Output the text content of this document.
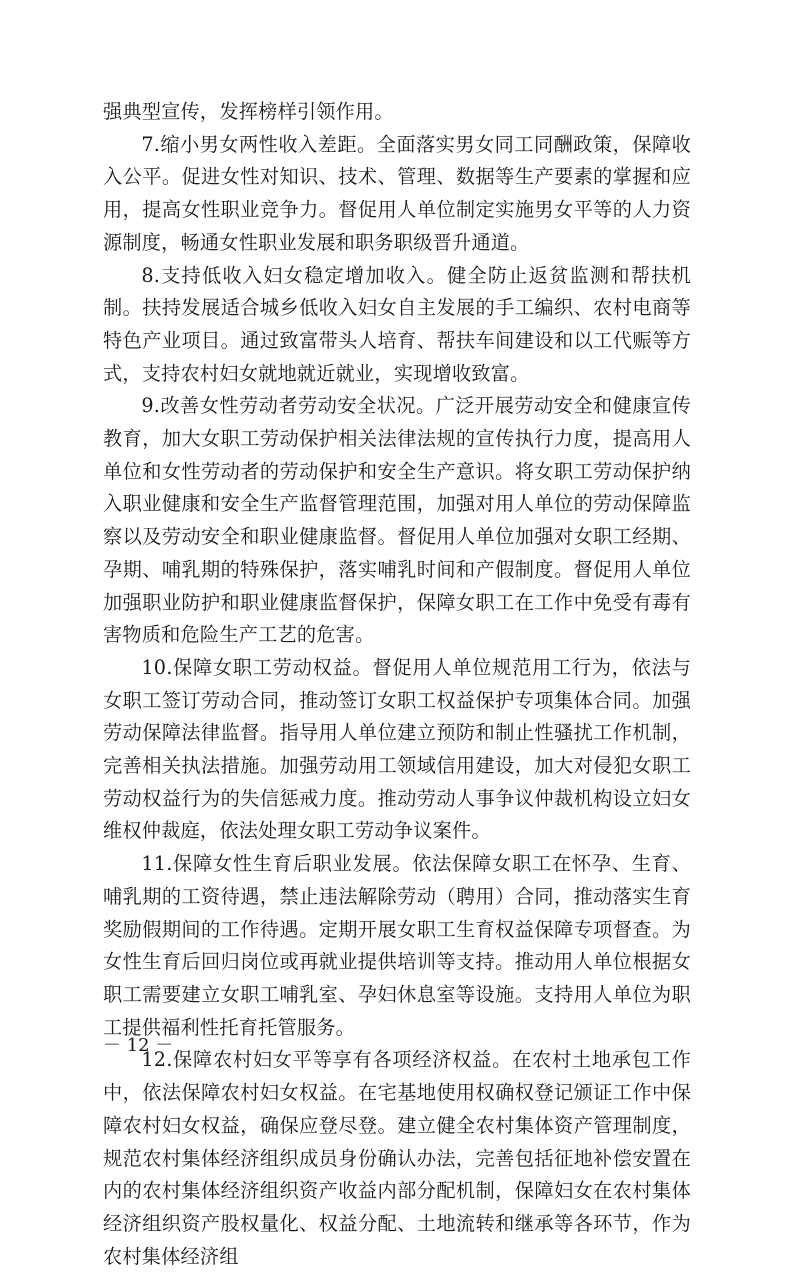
强典型宣传，发挥榜样引领作用。

7.缩小男女两性收入差距。全面落实男女同工同酬政策，保障收入公平。促进女性对知识、技术、管理、数据等生产要素的掌握和应用，提高女性职业竞争力。督促用人单位制定实施男女平等的人力资源制度，畅通女性职业发展和职务职级晋升通道。

8.支持低收入妇女稳定增加收入。健全防止返贫监测和帮扶机制。扶持发展适合城乡低收入妇女自主发展的手工编织、农村电商等特色产业项目。通过致富带头人培育、帮扶车间建设和以工代赈等方式，支持农村妇女就地就近就业，实现增收致富。

9.改善女性劳动者劳动安全状况。广泛开展劳动安全和健康宣传教育，加大女职工劳动保护相关法律法规的宣传执行力度，提高用人单位和女性劳动者的劳动保护和安全生产意识。将女职工劳动保护纳入职业健康和安全生产监督管理范围，加强对用人单位的劳动保障监察以及劳动安全和职业健康监督。督促用人单位加强对女职工经期、孕期、哺乳期的特殊保护，落实哺乳时间和产假制度。督促用人单位加强职业防护和职业健康监督保护，保障女职工在工作中免受有毒有害物质和危险生产工艺的危害。

10.保障女职工劳动权益。督促用人单位规范用工行为，依法与女职工签订劳动合同，推动签订女职工权益保护专项集体合同。加强劳动保障法律监督。指导用人单位建立预防和制止性骚扰工作机制，完善相关执法措施。加强劳动用工领域信用建设，加大对侵犯女职工劳动权益行为的失信惩戒力度。推动劳动人事争议仲裁机构设立妇女维权仲裁庭，依法处理女职工劳动争议案件。

11.保障女性生育后职业发展。依法保障女职工在怀孕、生育、哺乳期的工资待遇，禁止违法解除劳动（聘用）合同，推动落实生育奖励假期间的工作待遇。定期开展女职工生育权益保障专项督查。为女性生育后回归岗位或再就业提供培训等支持。推动用人单位根据女职工需要建立女职工哺乳室、孕妇休息室等设施。支持用人单位为职工提供福利性托育托管服务。

12.保障农村妇女平等享有各项经济权益。在农村土地承包工作中，依法保障农村妇女权益。在宅基地使用权确权登记颁证工作中保障农村妇女权益，确保应登尽登。建立健全农村集体资产管理制度，规范农村集体经济组织成员身份确认办法，完善包括征地补偿安置在内的农村集体经济组织资产收益内部分配机制，保障妇女在农村集体经济组织资产股权量化、权益分配、土地流转和继承等各环节，作为农村集体经济组

－ 12 －
